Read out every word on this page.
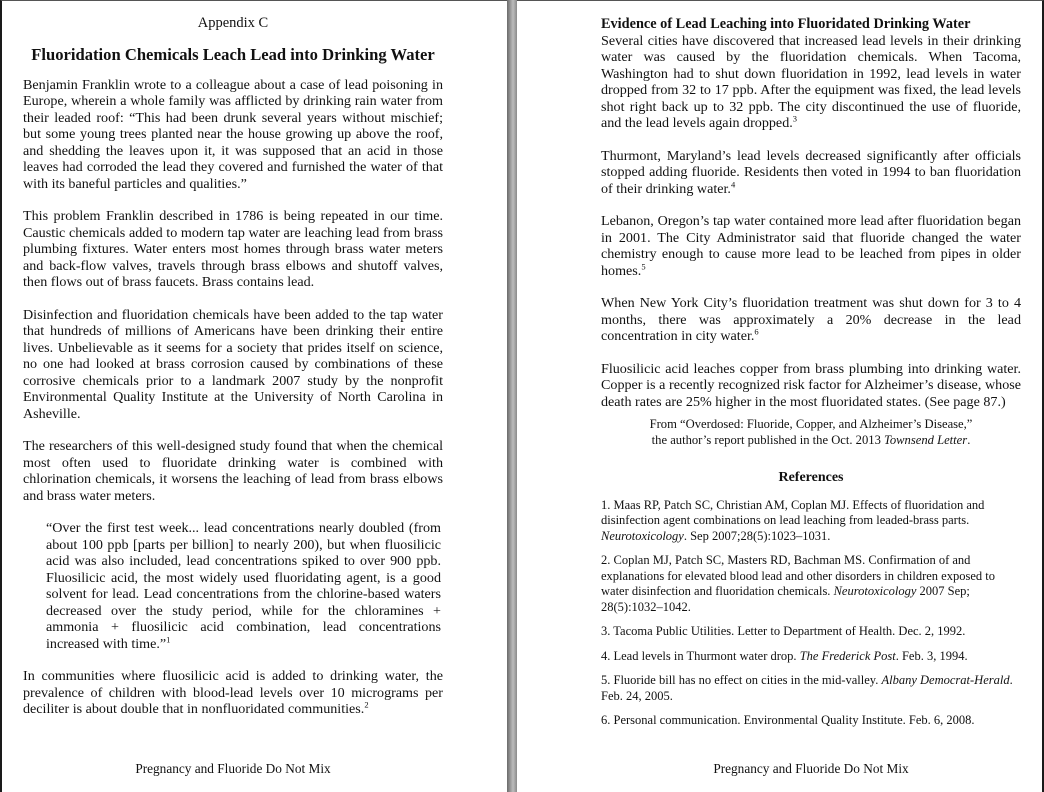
Appendix C
Fluoridation Chemicals Leach Lead into Drinking Water

Benjamin Franklin wrote to a colleague about a case of lead poisoning in Europe, wherein a whole family was afflicted by drinking rain water from their leaded roof: “This had been drunk several years without mischief; but some young trees planted near the house growing up above the roof, and shedding the leaves upon it, it was supposed that an acid in those leaves had corroded the lead they covered and furnished the water of that with its baneful particles and qualities.”

This problem Franklin described in 1786 is being repeated in our time. Caustic chemicals added to modern tap water are leaching lead from brass plumbing fixtures. Water enters most homes through brass water meters and back-flow valves, travels through brass elbows and shutoff valves, then flows out of brass faucets. Brass contains lead.

Disinfection and fluoridation chemicals have been added to the tap water that hundreds of millions of Americans have been drinking their entire lives. Unbelievable as it seems for a society that prides itself on science, no one had looked at brass corrosion caused by combinations of these corrosive chemicals prior to a landmark 2007 study by the nonprofit Environmental Quality Institute at the University of North Carolina in Asheville.

The researchers of this well-designed study found that when the chemical most often used to fluoridate drinking water is combined with chlorination chemicals, it worsens the leaching of lead from brass elbows and brass water meters.

“Over the first test week... lead concentrations nearly doubled (from about 100 ppb [parts per billion] to nearly 200), but when fluosilicic acid was also included, lead concentrations spiked to over 900 ppb. Fluosilicic acid, the most widely used fluoridating agent, is a good solvent for lead. Lead concentrations from the chlorine-based waters decreased over the study period, while for the chloramines + ammonia + fluosilicic acid combination, lead concentrations increased with time.”$^1$

In communities where fluosilicic acid is added to drinking water, the prevalence of children with blood-lead levels over 10 micrograms per deciliter is about double that in nonfluoridated communities.$^2$

Pregnancy and Fluoride Do Not Mix
Evidence of Lead Leaching into Fluoridated Drinking Water

Several cities have discovered that increased lead levels in their drinking water was caused by the fluoridation chemicals. When Tacoma, Washington had to shut down fluoridation in 1992, lead levels in water dropped from 32 to 17 ppb. After the equipment was fixed, the lead levels shot right back up to 32 ppb. The city discontinued the use of fluoride, and the lead levels again dropped.$^3$

Thurmont, Maryland’s lead levels decreased significantly after officials stopped adding fluoride. Residents then voted in 1994 to ban fluoridation of their drinking water.$^4$

Lebanon, Oregon’s tap water contained more lead after fluoridation began in 2001. The City Administrator said that fluoride changed the water chemistry enough to cause more lead to be leached from pipes in older homes.$^5$

When New York City’s fluoridation treatment was shut down for 3 to 4 months, there was approximately a 20% decrease in the lead concentration in city water.$^6$

Fluosilicic acid leaches copper from brass plumbing into drinking water. Copper is a recently recognized risk factor for Alzheimer’s disease, whose death rates are 25% higher in the most fluoridated states. (See page 87.)

From “Overdosed: Fluoride, Copper, and Alzheimer’s Disease,”
the author’s report published in the Oct. 2013 Townsend Letter.
References
1. Maas RP, Patch SC, Christian AM, Coplan MJ. Effects of fluoridation and disinfection agent combinations on lead leaching from leaded-brass parts. Neurotoxicology. Sep 2007;28(5):1023–1031.
2. Coplan MJ, Patch SC, Masters RD, Bachman MS. Confirmation of and explanations for elevated blood lead and other disorders in children exposed to water disinfection and fluoridation chemicals. Neurotoxicology 2007 Sep; 28(5):1032–1042.
3. Tacoma Public Utilities. Letter to Department of Health. Dec. 2, 1992.
4. Lead levels in Thurmont water drop. The Frederick Post. Feb. 3, 1994.
5. Fluoride bill has no effect on cities in the mid-valley. Albany Democrat-Herald. Feb. 24, 2005.
6. Personal communication. Environmental Quality Institute. Feb. 6, 2008.
Pregnancy and Fluoride Do Not Mix
